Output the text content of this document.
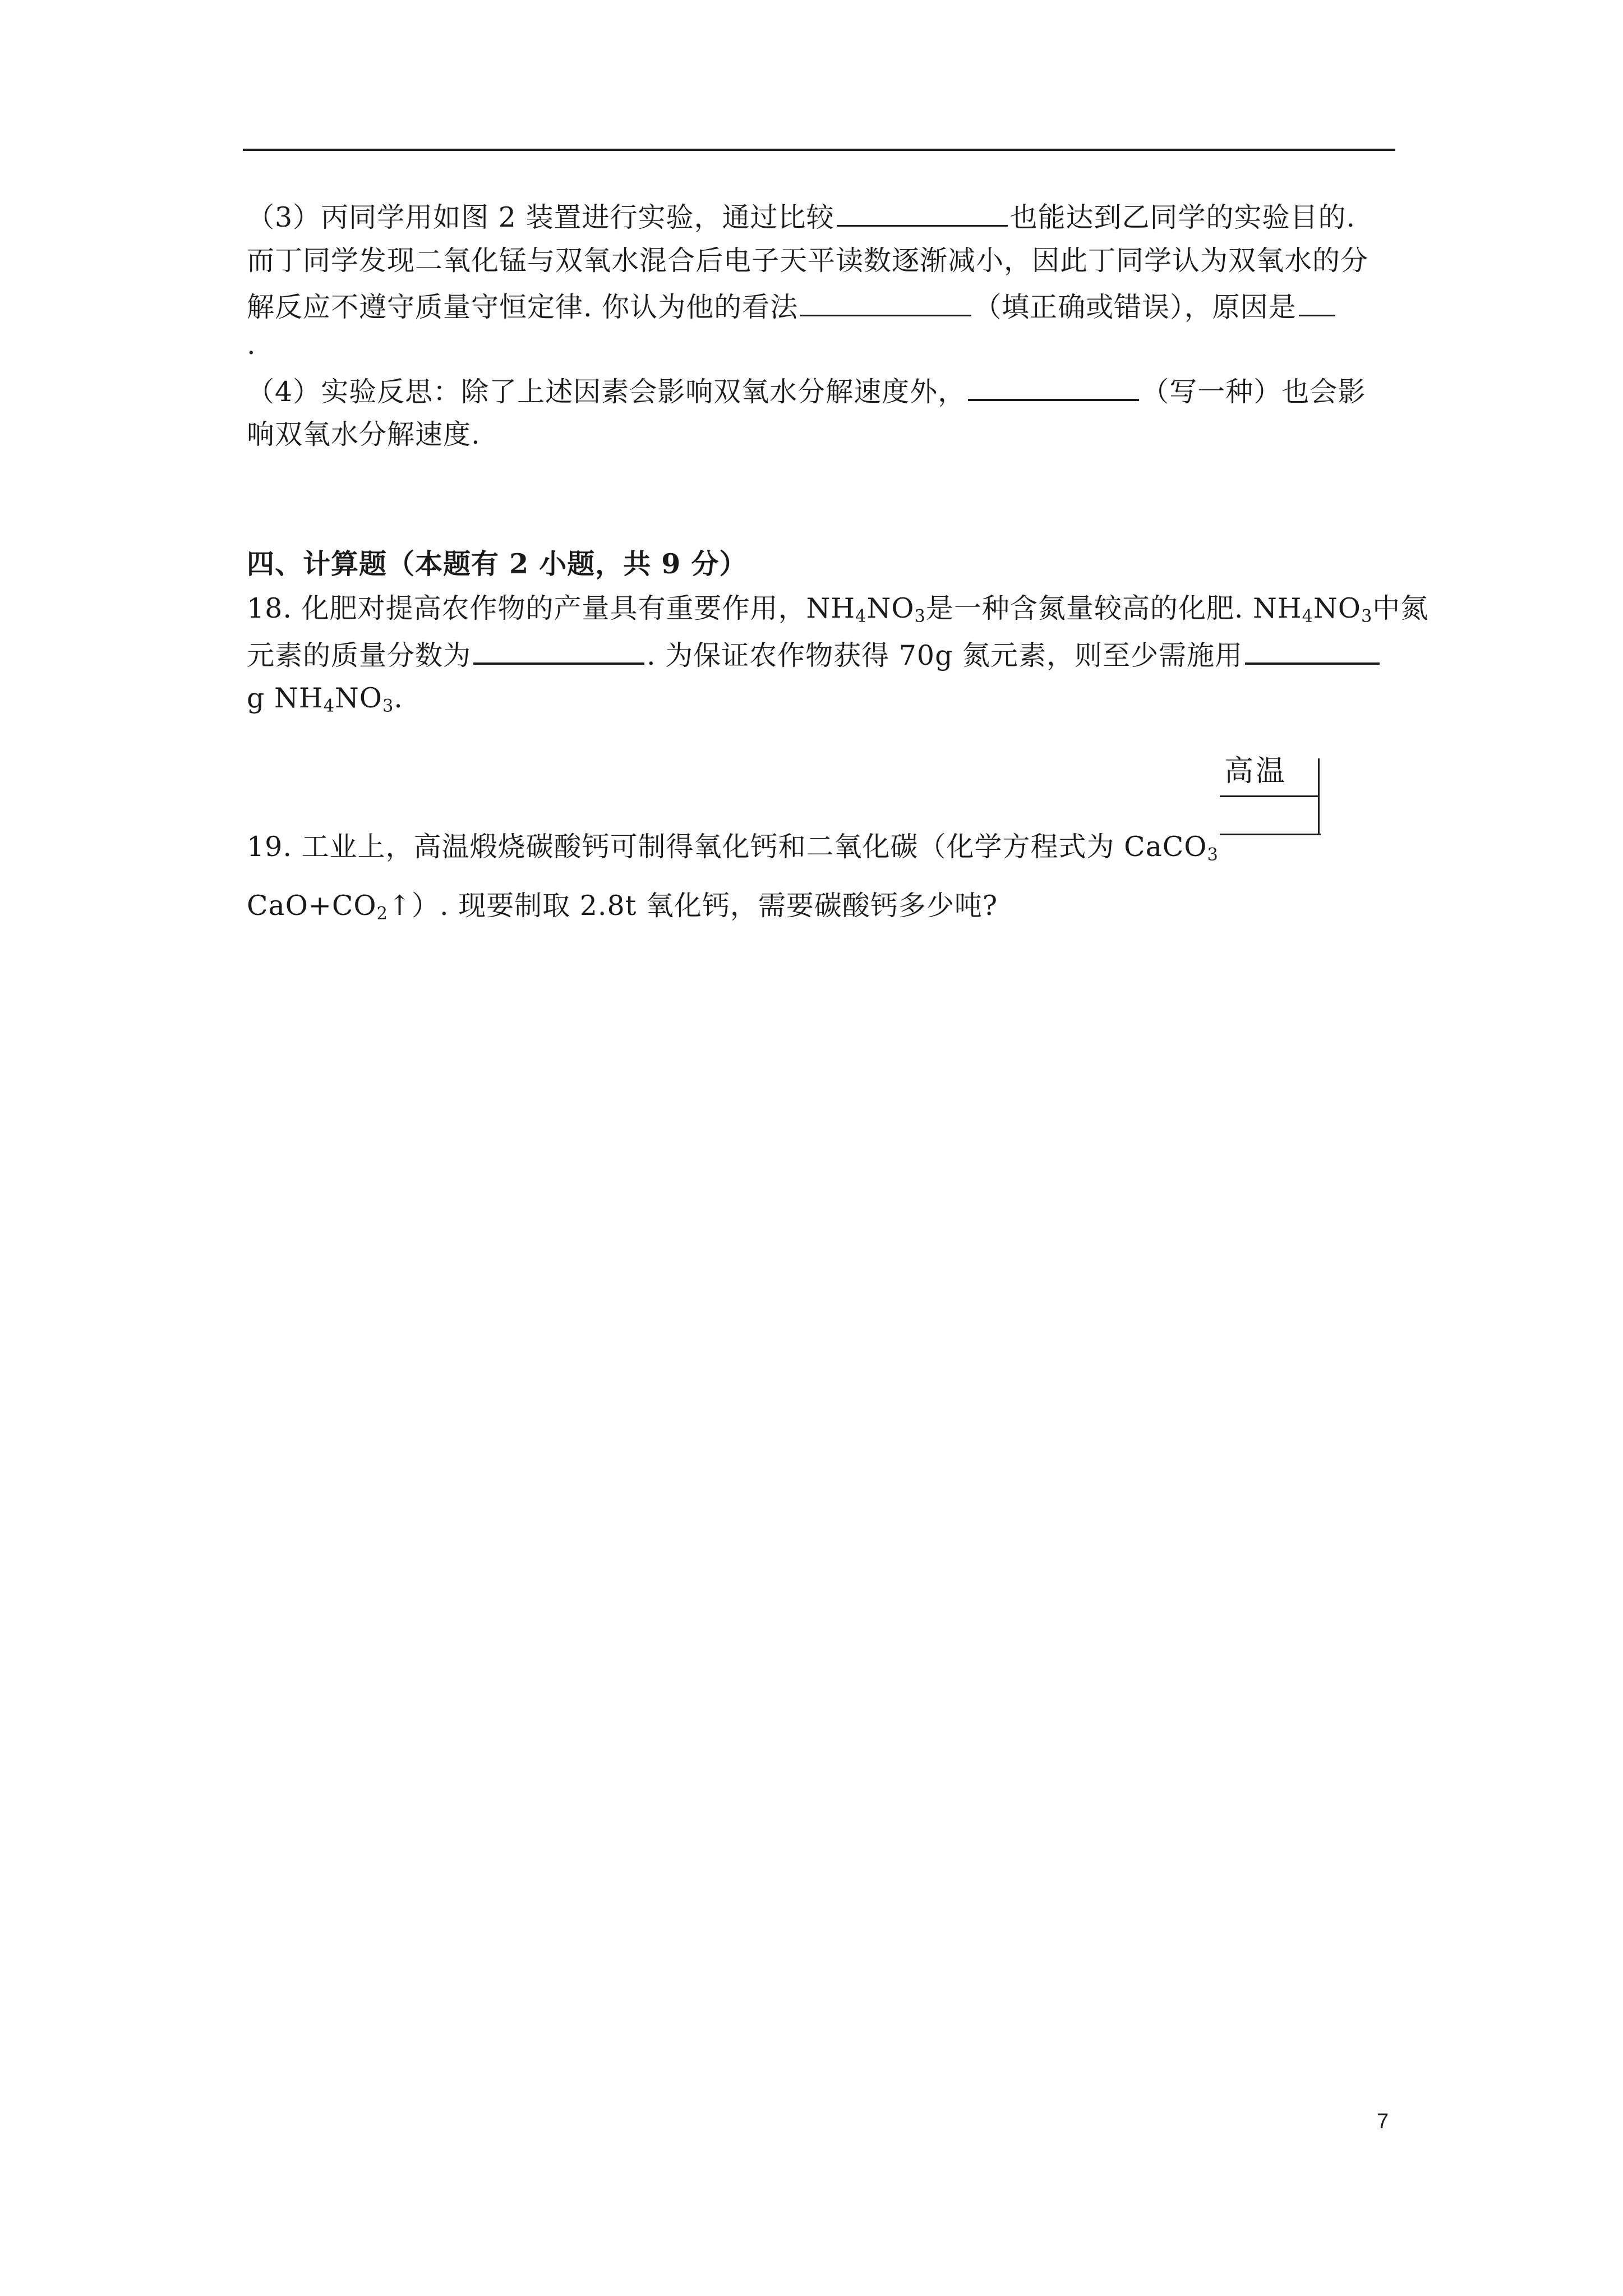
（3）丙同学用如图 2 装置进行实验，通过比较	也能达到乙同学的实验目的.
而丁同学发现二氧化锰与双氧水混合后电子天平读数逐渐减小，因此丁同学认为双氧水的分
解反应不遵守质量守恒定律. 你认为他的看法	（填正确或错误），原因是
.
（4）实验反思：除了上述因素会影响双氧水分解速度外，	（写一种）也会影
响双氧水分解速度.
四、计算题（本题有 2 小题，共 9 分）
18. 化肥对提高农作物的产量具有重要作用，$NH_4NO_3$是一种含氮量较高的化肥. $NH_4NO_3$中氮
元素的质量分数为	. 为保证农作物获得 70g 氮元素，则至少需施用
g $NH_4NO_3$.
高温
19. 工业上，高温煅烧碳酸钙可制得氧化钙和二氧化碳（化学方程式为 CaCO$_3$
$CaO+CO_2↑$）. 现要制取 2.8t 氧化钙，需要碳酸钙多少吨?
7
